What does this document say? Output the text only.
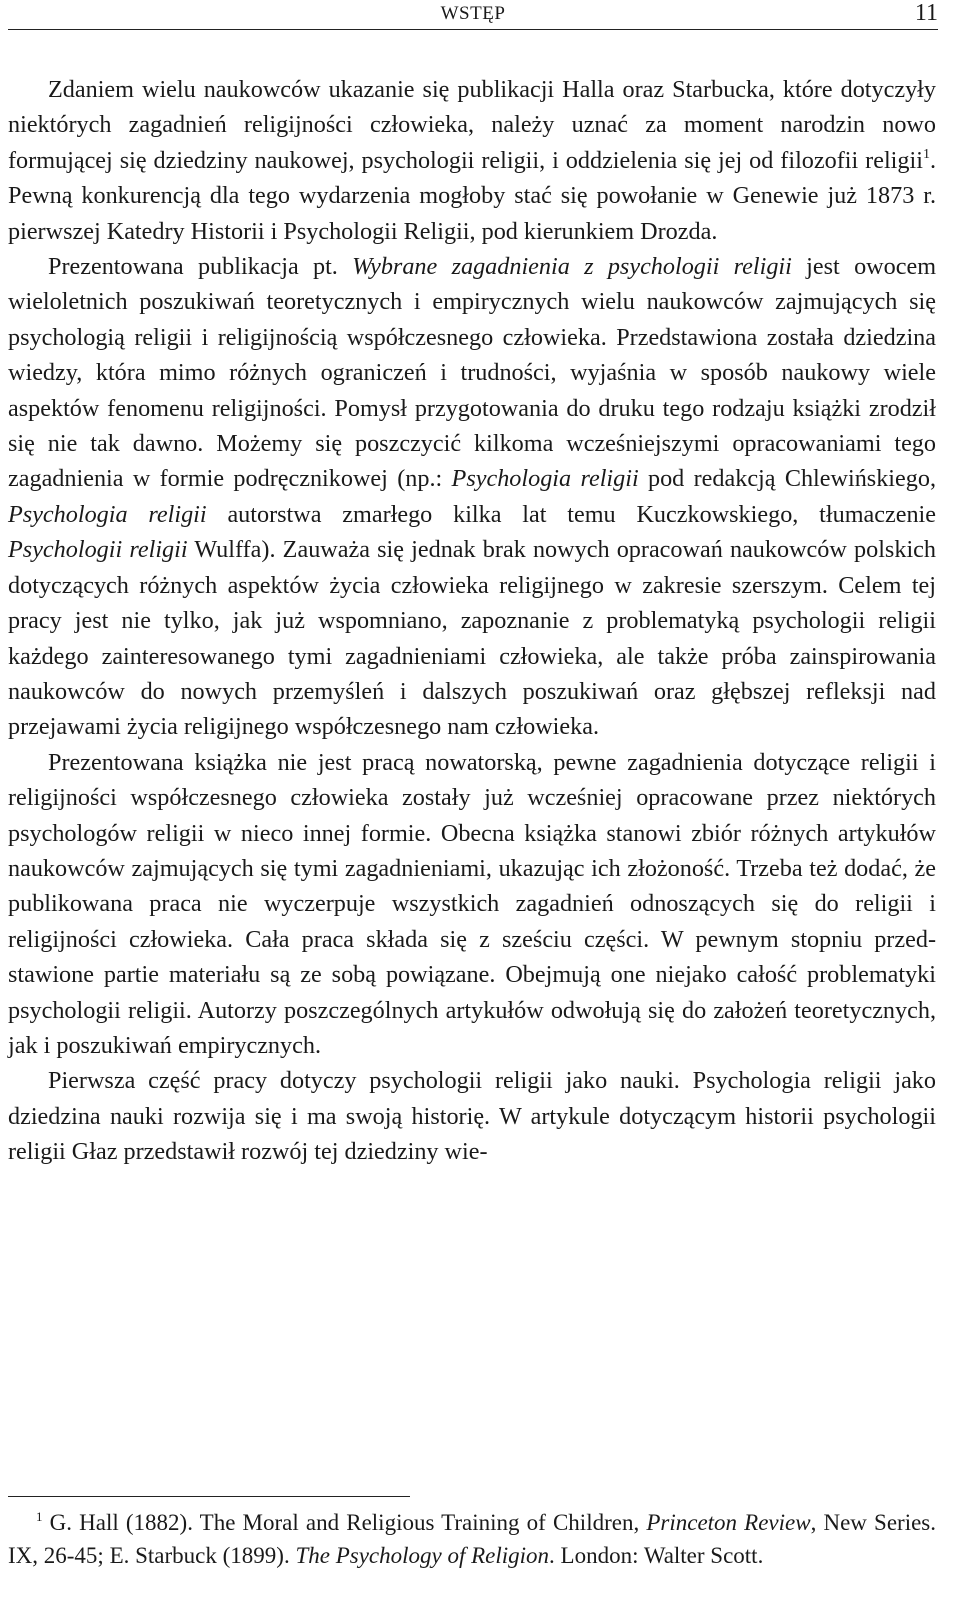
WSTĘP	11

Zdaniem wielu naukowców ukazanie się publikacji Halla oraz Starbucka, które dotyczyły niektórych zagadnień religijności człowieka, należy uznać za moment narodzin nowo formującej się dziedziny naukowej, psychologii religii, i oddzielenia się jej od filozofii religii$^1$. Pewną konkurencją dla tego wydarzenia mogłoby stać się powołanie w Genewie już 1873 r. pierwszej Katedry Historii i Psychologii Religii, pod kierunkiem Drozda.

Prezentowana publikacja pt. Wybrane zagadnienia z psychologii religii jest owocem wieloletnich poszukiwań teoretycznych i empirycznych wielu naukowców zajmujących się psychologią religii i religijnością współczesnego człowieka. Przedstawiona została dziedzina wiedzy, która mimo różnych ograniczeń i trudności, wyjaśnia w sposób naukowy wiele aspektów fenomenu religijności. Pomysł przygotowania do druku tego rodzaju książki zrodził się nie tak dawno. Możemy się poszczycić kilkoma wcześniejszymi opracowaniami tego zagadnienia w formie podręcznikowej (np.: Psychologia religii pod redakcją Chlewińskiego, Psychologia religii autorstwa zmarłego kilka lat temu Kuczkowskiego, tłumaczenie Psychologii religii Wulffa). Zauważa się jednak brak nowych opracowań naukowców polskich dotyczących różnych aspektów życia człowieka religijnego w zakresie szerszym. Celem tej pracy jest nie tylko, jak już wspomniano, zapoznanie z problematyką psychologii religii każdego zainteresowanego tymi zagadnieniami człowieka, ale także próba zainspirowania naukowców do nowych przemyśleń i dalszych poszukiwań oraz głębszej refleksji nad przejawami życia religijnego współczesnego nam człowieka.

Prezentowana książka nie jest pracą nowatorską, pewne zagadnienia dotyczące religii i religijności współczesnego człowieka zostały już wcześniej opracowane przez niektórych psychologów religii w nieco innej formie. Obecna książka stanowi zbiór różnych artykułów naukowców zajmujących się tymi zagadnieniami, ukazując ich złożoność. Trzeba też dodać, że publikowana praca nie wyczerpuje wszystkich zagadnień odnoszących się do religii i religijności człowieka. Cała praca składa się z sześciu części. W pewnym stopniu przedstawione partie materiału są ze sobą powiązane. Obejmują one niejako całość problematyki psychologii religii. Autorzy poszczególnych artykułów odwołują się do założeń teoretycznych, jak i poszukiwań empirycznych.

Pierwsza część pracy dotyczy psychologii religii jako nauki. Psychologia religii jako dziedzina nauki rozwija się i ma swoją historię. W artykule dotyczącym historii psychologii religii Głaz przedstawił rozwój tej dziedziny wie-

$^1$ G. Hall (1882). The Moral and Religious Training of Children, Princeton Review, New Series. IX, 26-45; E. Starbuck (1899). The Psychology of Religion. London: Walter Scott.
